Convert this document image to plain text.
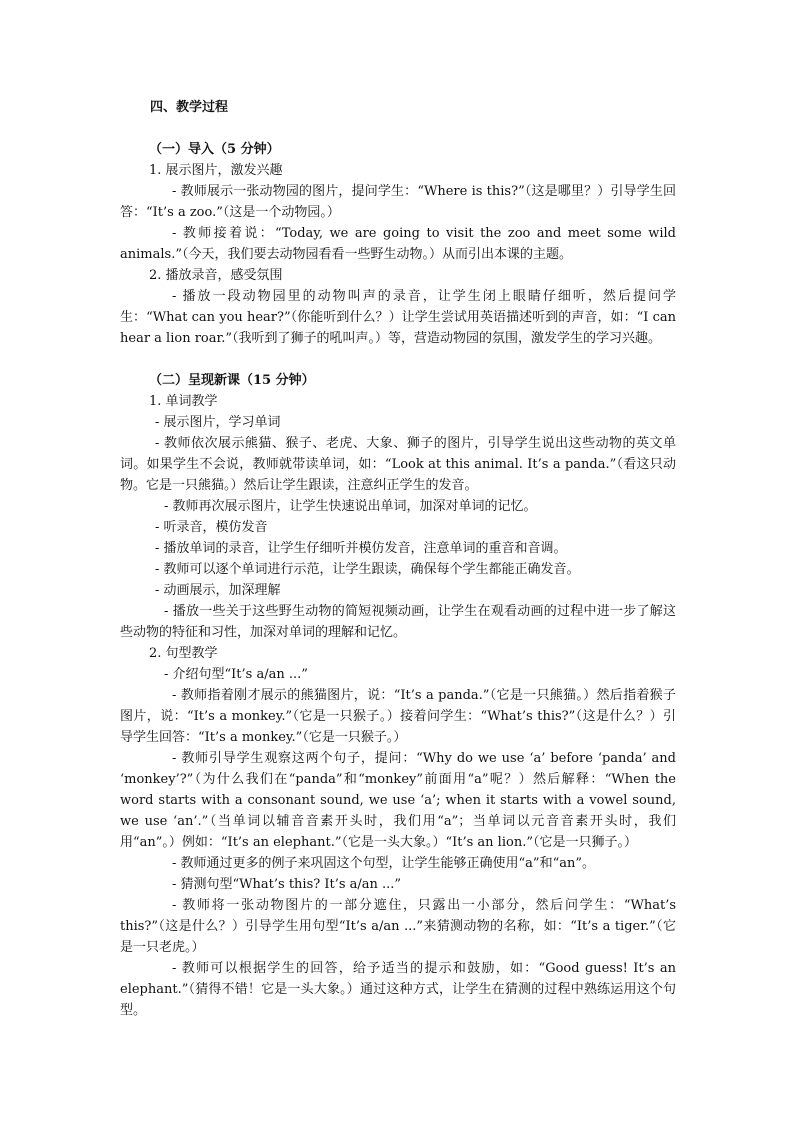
四、教学过程

（一）导入（5 分钟）

1. 展示图片，激发兴趣

- 教师展示一张动物园的图片，提问学生：“Where is this?”（这是哪里？）引导学生回答：“It’s a zoo.”（这是一个动物园。）

- 教师接着说：“Today, we are going to visit the zoo and meet some wild animals.”（今天，我们要去动物园看看一些野生动物。）从而引出本课的主题。

2. 播放录音，感受氛围

- 播放一段动物园里的动物叫声的录音，让学生闭上眼睛仔细听，然后提问学生：“What can you hear?”（你能听到什么？）让学生尝试用英语描述听到的声音，如：“I can hear a lion roar.”（我听到了狮子的吼叫声。）等，营造动物园的氛围，激发学生的学习兴趣。

（二）呈现新课（15 分钟）

1. 单词教学

- 展示图片，学习单词

- 教师依次展示熊猫、猴子、老虎、大象、狮子的图片，引导学生说出这些动物的英文单词。如果学生不会说，教师就带读单词，如：“Look at this animal. It’s a panda.”（看这只动物。它是一只熊猫。）然后让学生跟读，注意纠正学生的发音。

- 教师再次展示图片，让学生快速说出单词，加深对单词的记忆。

- 听录音，模仿发音

- 播放单词的录音，让学生仔细听并模仿发音，注意单词的重音和音调。

- 教师可以逐个单词进行示范，让学生跟读，确保每个学生都能正确发音。

- 动画展示，加深理解

- 播放一些关于这些野生动物的简短视频动画，让学生在观看动画的过程中进一步了解这些动物的特征和习性，加深对单词的理解和记忆。

2. 句型教学

- 介绍句型“It’s a/an ...”

- 教师指着刚才展示的熊猫图片，说：“It’s a panda.”（它是一只熊猫。）然后指着猴子图片，说：“It’s a monkey.”（它是一只猴子。）接着问学生：“What’s this?”（这是什么？）引导学生回答：“It’s a monkey.”（它是一只猴子。）

- 教师引导学生观察这两个句子，提问：“Why do we use ‘a’ before ‘panda’ and ‘monkey’?”（为什么我们在“panda”和“monkey”前面用“a”呢？）然后解释：“When the word starts with a consonant sound, we use ‘a’; when it starts with a vowel sound, we use ‘an’.”（当单词以辅音音素开头时，我们用“a”；当单词以元音音素开头时，我们用“an”。）例如：“It’s an elephant.”（它是一头大象。）“It’s an lion.”（它是一只狮子。）

- 教师通过更多的例子来巩固这个句型，让学生能够正确使用“a”和“an”。

- 猜测句型“What’s this? It’s a/an ...”

- 教师将一张动物图片的一部分遮住，只露出一小部分，然后问学生：“What’s this?”（这是什么？）引导学生用句型“It’s a/an ...”来猜测动物的名称，如：“It’s a tiger.”（它是一只老虎。）

- 教师可以根据学生的回答，给予适当的提示和鼓励，如：“Good guess! It’s an elephant.”（猜得不错！它是一头大象。）通过这种方式，让学生在猜测的过程中熟练运用这个句型。
